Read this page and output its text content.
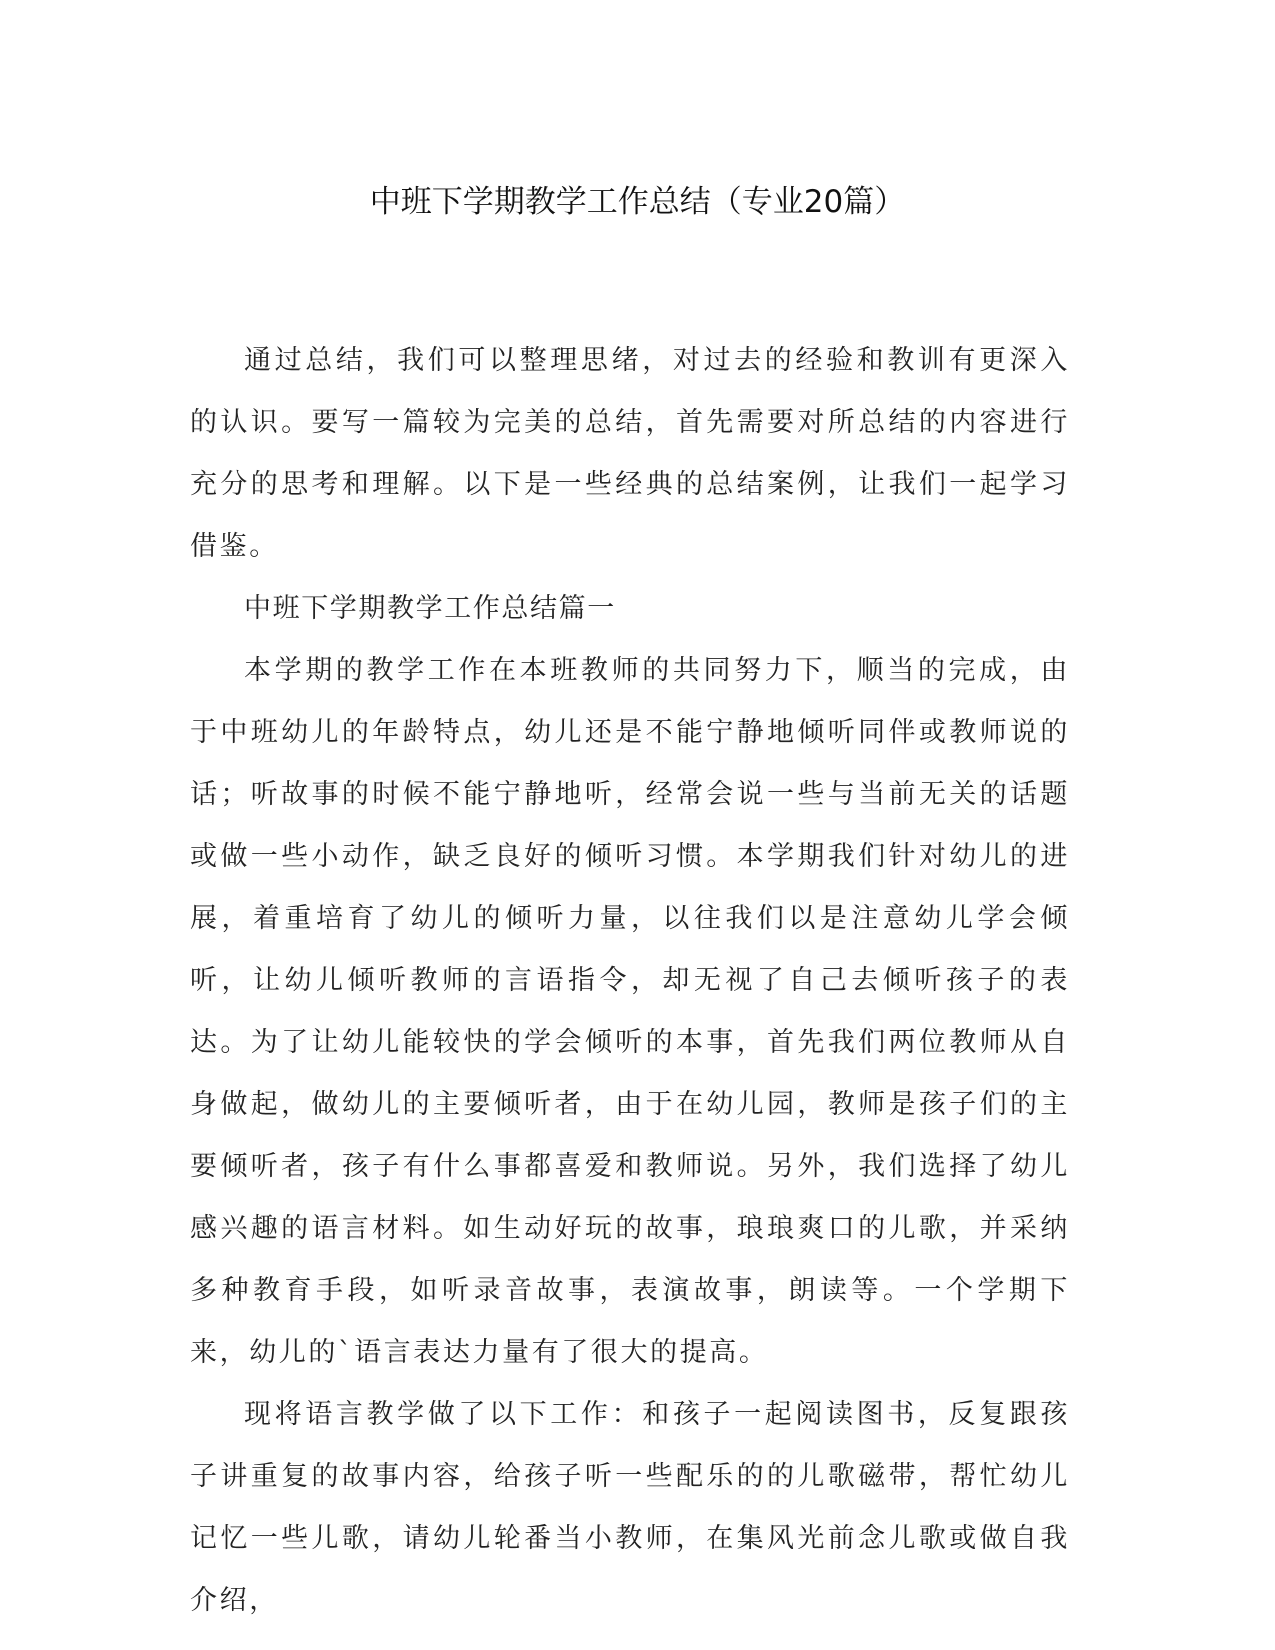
中班下学期教学工作总结（专业20篇）

通过总结，我们可以整理思绪，对过去的经验和教训有更深入的认识。要写一篇较为完美的总结，首先需要对所总结的内容进行充分的思考和理解。以下是一些经典的总结案例，让我们一起学习借鉴。

中班下学期教学工作总结篇一

本学期的教学工作在本班教师的共同努力下，顺当的完成，由于中班幼儿的年龄特点，幼儿还是不能宁静地倾听同伴或教师说的话；听故事的时候不能宁静地听，经常会说一些与当前无关的话题或做一些小动作，缺乏良好的倾听习惯。本学期我们针对幼儿的进展，着重培育了幼儿的倾听力量，以往我们以是注意幼儿学会倾听，让幼儿倾听教师的言语指令，却无视了自己去倾听孩子的表达。为了让幼儿能较快的学会倾听的本事，首先我们两位教师从自身做起，做幼儿的主要倾听者，由于在幼儿园，教师是孩子们的主要倾听者，孩子有什么事都喜爱和教师说。另外，我们选择了幼儿感兴趣的语言材料。如生动好玩的故事，琅琅爽口的儿歌，并采纳多种教育手段，如听录音故事，表演故事，朗读等。一个学期下来，幼儿的`语言表达力量有了很大的提高。

现将语言教学做了以下工作：和孩子一起阅读图书，反复跟孩子讲重复的故事内容，给孩子听一些配乐的的儿歌磁带，帮忙幼儿记忆一些儿歌，请幼儿轮番当小教师，在集风光前念儿歌或做自我介绍，
